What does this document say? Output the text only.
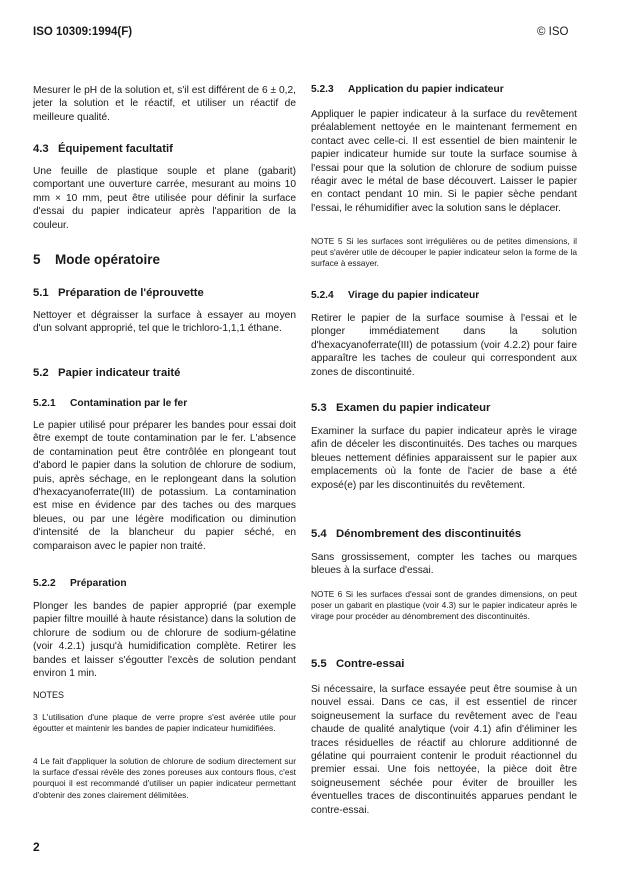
ISO 10309:1994(F)	© ISO

Mesurer le pH de la solution et, s'il est différent de 6 ± 0,2, jeter la solution et le réactif, et utiliser un réactif de meilleure qualité.

4.3 Équipement facultatif

Une feuille de plastique souple et plane (gabarit) comportant une ouverture carrée, mesurant au moins 10 mm × 10 mm, peut être utilisée pour définir la surface d'essai du papier indicateur après l'apparition de la couleur.

5 Mode opératoire
5.1 Préparation de l'éprouvette

Nettoyer et dégraisser la surface à essayer au moyen d'un solvant approprié, tel que le trichloro-1,1,1 éthane.

5.2 Papier indicateur traité
5.2.1 Contamination par le fer

Le papier utilisé pour préparer les bandes pour essai doit être exempt de toute contamination par le fer. L'absence de contamination peut être contrôlée en plongeant tout d'abord le papier dans la solution de chlorure de sodium, puis, après séchage, en le replongeant dans la solution d'hexacyanoferrate(III) de potassium. La contamination est mise en évidence par des taches ou des marques bleues, ou par une légère modification ou diminution d'intensité de la blancheur du papier séché, en comparaison avec le papier non traité.

5.2.2 Préparation

Plonger les bandes de papier approprié (par exemple papier filtre mouillé à haute résistance) dans la solution de chlorure de sodium ou de chlorure de sodium-gélatine (voir 4.2.1) jusqu'à humidification complète. Retirer les bandes et laisser s'égoutter l'excès de solution pendant environ 1 min.

NOTES

3 L'utilisation d'une plaque de verre propre s'est avérée utile pour égoutter et maintenir les bandes de papier indicateur humidifiées.

4 Le fait d'appliquer la solution de chlorure de sodium directement sur la surface d'essai révèle des zones poreuses aux contours flous, c'est pourquoi il est recommandé d'utiliser un papier indicateur permettant d'obtenir des zones clairement délimitées.

5.2.3 Application du papier indicateur

Appliquer le papier indicateur à la surface du revêtement préalablement nettoyée en le maintenant fermement en contact avec celle-ci. Il est essentiel de bien maintenir le papier indicateur humide sur toute la surface soumise à l'essai pour que la solution de chlorure de sodium puisse réagir avec le métal de base découvert. Laisser le papier en contact pendant 10 min. Si le papier sèche pendant l'essai, le réhumidifier avec la solution sans le déplacer.

NOTE 5 Si les surfaces sont irrégulières ou de petites dimensions, il peut s'avérer utile de découper le papier indicateur selon la forme de la surface à essayer.

5.2.4 Virage du papier indicateur

Retirer le papier de la surface soumise à l'essai et le plonger immédiatement dans la solution d'hexacyanoferrate(III) de potassium (voir 4.2.2) pour faire apparaître les taches de couleur qui correspondent aux zones de discontinuité.

5.3 Examen du papier indicateur

Examiner la surface du papier indicateur après le virage afin de déceler les discontinuités. Des taches ou marques bleues nettement définies apparaissent sur le papier aux emplacements où la fonte de l'acier de base a été exposé(e) par les discontinuités du revêtement.

5.4 Dénombrement des discontinuités

Sans grossissement, compter les taches ou marques bleues à la surface d'essai.

NOTE 6 Si les surfaces d'essai sont de grandes dimensions, on peut poser un gabarit en plastique (voir 4.3) sur le papier indicateur après le virage pour procéder au dénombrement des discontinuités.

5.5 Contre-essai

Si nécessaire, la surface essayée peut être soumise à un nouvel essai. Dans ce cas, il est essentiel de rincer soigneusement la surface du revêtement avec de l'eau chaude de qualité analytique (voir 4.1) afin d'éliminer les traces résiduelles de réactif au chlorure additionné de gélatine qui pourraient contenir le produit réactionnel du premier essai. Une fois nettoyée, la pièce doit être soigneusement séchée pour éviter de brouiller les éventuelles traces de discontinuités apparues pendant le contre-essai.

2
